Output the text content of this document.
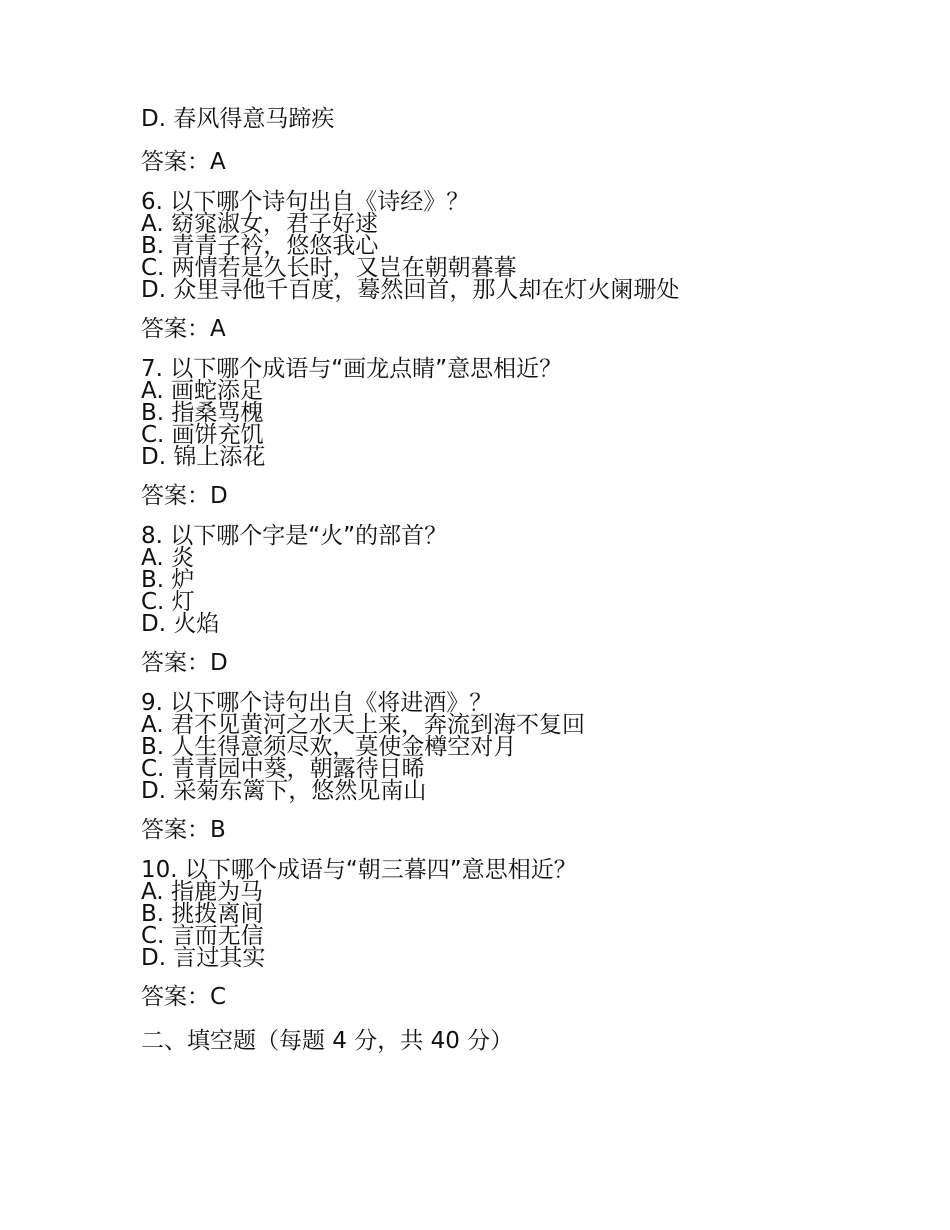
D. 春风得意马蹄疾
答案：A
6. 以下哪个诗句出自《诗经》？
A. 窈窕淑女，君子好逑
B. 青青子衿，悠悠我心
C. 两情若是久长时，又岂在朝朝暮暮
D. 众里寻他千百度，蓦然回首，那人却在灯火阑珊处
答案：A
7. 以下哪个成语与“画龙点睛”意思相近？
A. 画蛇添足
B. 指桑骂槐
C. 画饼充饥
D. 锦上添花
答案：D
8. 以下哪个字是“火”的部首？
A. 炎
B. 炉
C. 灯
D. 火焰
答案：D
9. 以下哪个诗句出自《将进酒》？
A. 君不见黄河之水天上来，奔流到海不复回
B. 人生得意须尽欢，莫使金樽空对月
C. 青青园中葵，朝露待日晞
D. 采菊东篱下，悠然见南山
答案：B
10. 以下哪个成语与“朝三暮四”意思相近？
A. 指鹿为马
B. 挑拨离间
C. 言而无信
D. 言过其实
答案：C
二、填空题（每题 4 分，共 40 分）
